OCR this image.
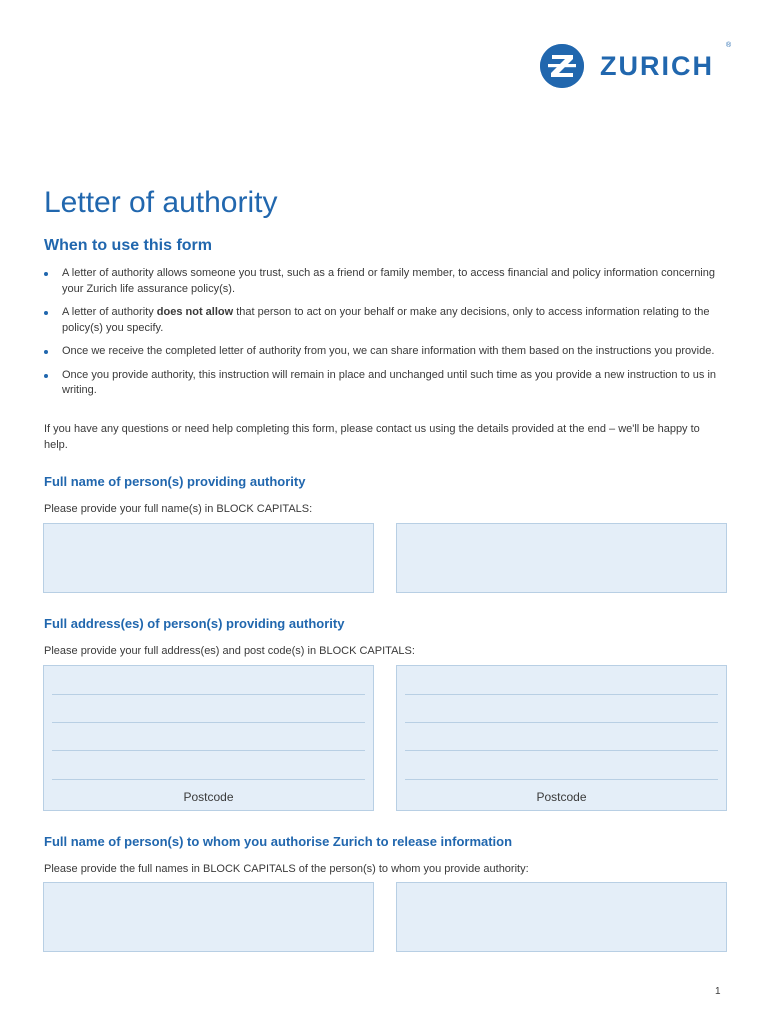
ZURICH
®
Letter of authority
When to use this form
A letter of authority allows someone you trust, such as a friend or family member, to access financial and policy information concerning your Zurich life assurance policy(s).
A letter of authority does not allow that person to act on your behalf or make any decisions, only to access information relating to the policy(s) you specify.
Once we receive the completed letter of authority from you, we can share information with them based on the instructions you provide.
Once you provide authority, this instruction will remain in place and unchanged until such time as you provide a new instruction to us in writing.

If you have any questions or need help completing this form, please contact us using the details provided at the end – we'll be happy to help.

Full name of person(s) providing authority

Please provide your full name(s) in BLOCK CAPITALS:

Full address(es) of person(s) providing authority

Please provide your full address(es) and post code(s) in BLOCK CAPITALS:

Postcode	Postcode
Full name of person(s) to whom you authorise Zurich to release information

Please provide the full names in BLOCK CAPITALS of the person(s) to whom you provide authority:

1
